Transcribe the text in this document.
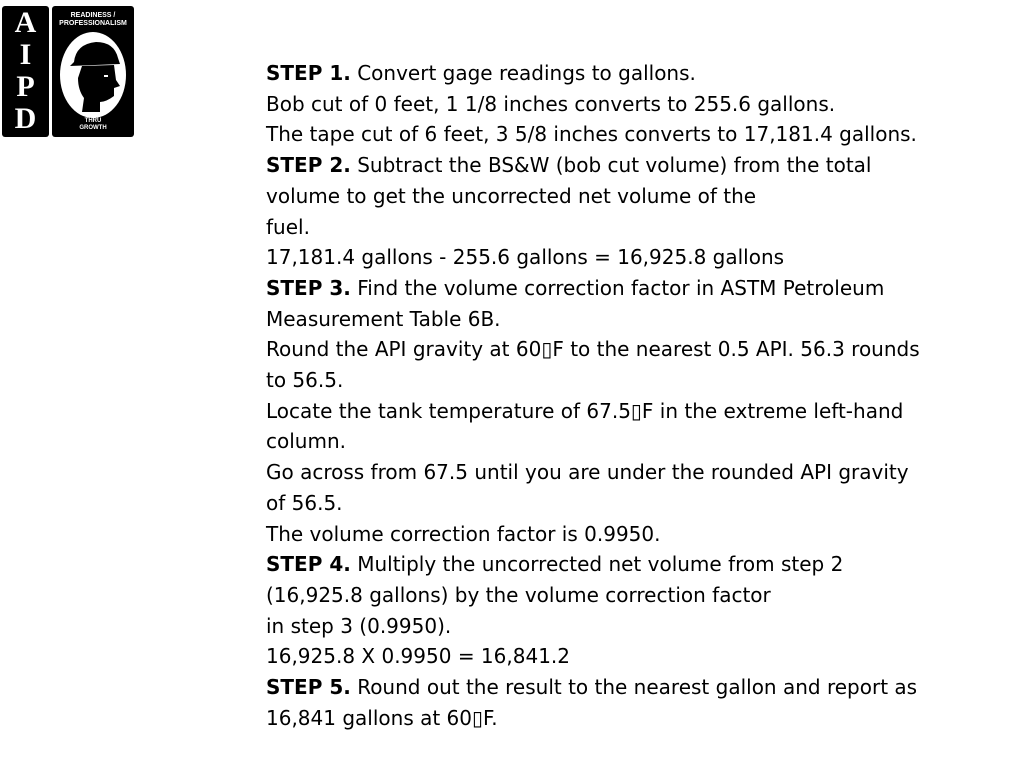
A
I
P
D
READINESS /
PROFESSIONALISM
THRU
GROWTH
STEP 1. Convert gage readings to gallons.
Bob cut of 0 feet, 1 1/8 inches converts to 255.6 gallons.
The tape cut of 6 feet, 3 5/8 inches converts to 17,181.4 gallons.
STEP 2. Subtract the BS&W (bob cut volume) from the total
volume to get the uncorrected net volume of the
fuel.
17,181.4 gallons - 255.6 gallons = 16,925.8 gallons
STEP 3. Find the volume correction factor in ASTM Petroleum
Measurement Table 6B.
Round the API gravity at 60▯F to the nearest 0.5 API. 56.3 rounds
to 56.5.
Locate the tank temperature of 67.5▯F in the extreme left-hand
column.
Go across from 67.5 until you are under the rounded API gravity
of 56.5.
The volume correction factor is 0.9950.
STEP 4. Multiply the uncorrected net volume from step 2
(16,925.8 gallons) by the volume correction factor
in step 3 (0.9950).
16,925.8 X 0.9950 = 16,841.2
STEP 5. Round out the result to the nearest gallon and report as
16,841 gallons at 60▯F.
